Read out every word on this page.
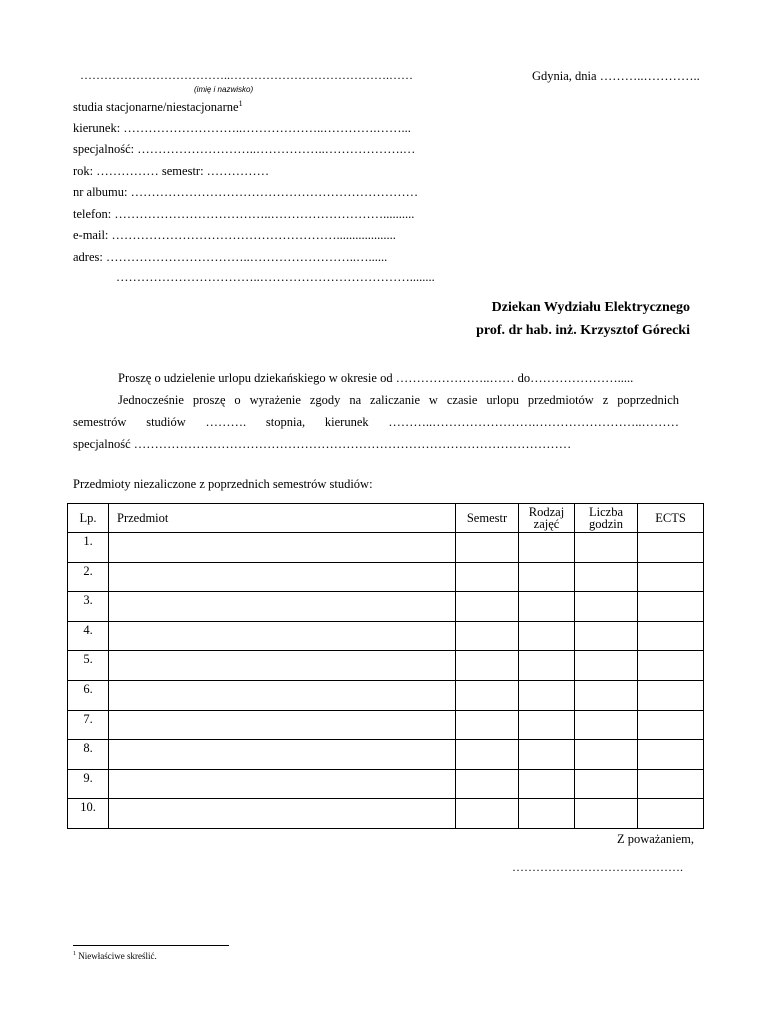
………………………………..………………………………….……
(imię i nazwisko)
Gdynia, dnia ………..…………..
studia stacjonarne/niestacjonarne$^1$
kierunek: ………………………..………………..………….……...
specjalność: ………………………..……………..……………….…
rok: …………… semestr: ……………
nr albumu: ……………………………………………………………
telefon: ………………………………..………………………..........
e-mail: ………………………………………………...................
adres: ……………………………..……………………..…......
……………………………..………………………………........
Dziekan Wydziału Elektrycznego
prof. dr hab. inż. Krzysztof Górecki

Proszę o udzielenie urlopu dziekańskiego w okresie od …………………..…… do………………….....

Jednocześnie proszę o wyrażenie zgody na zaliczanie w czasie urlopu przedmiotów z poprzednich

semestrów studiów ………. stopnia, kierunek ………..…………………….……………………..………

specjalność ……………………………………………………………………………………………

Przedmioty niezaliczone z poprzednich semestrów studiów:
Lp.	Przedmiot	Semestr	Rodzaj zajęć	Liczba godzin	ECTS
1.					
2.					
3.					
4.					
5.					
6.					
7.					
8.					
9.					
10.					
Z poważaniem,
…………………………………….
$^1$ Niewłaściwe skreślić.
